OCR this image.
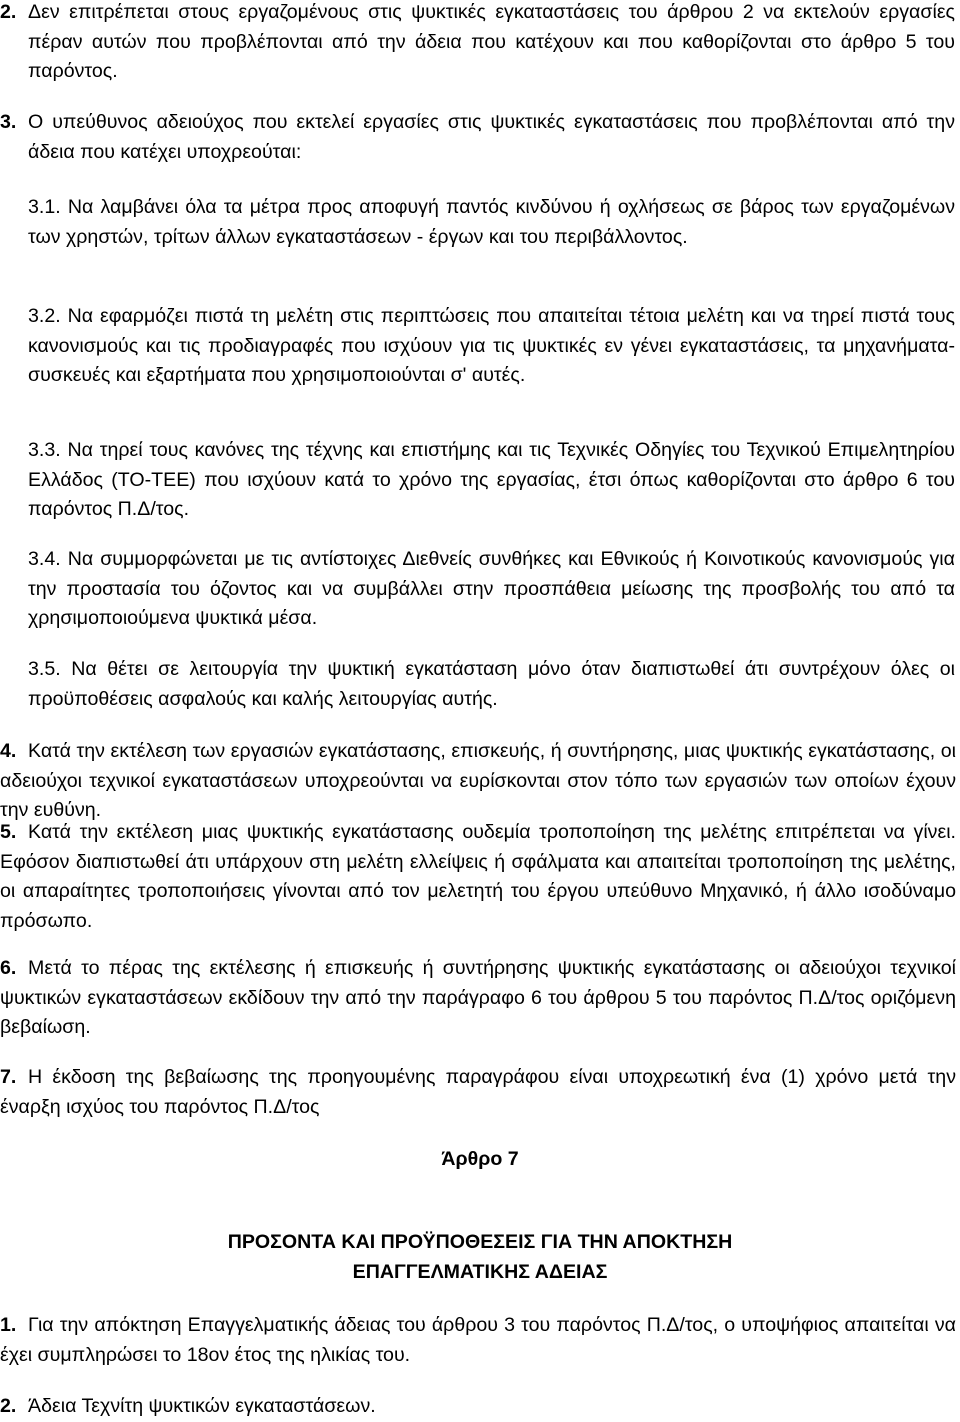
2. Δεν επιτρέπεται στους εργαζομένους στις ψυκτικές εγκαταστάσεις του άρθρου 2 να εκτελούν εργασίες πέραν αυτών που προβλέπονται από την άδεια που κατέχουν και που καθορίζονται στο άρθρο 5 του παρόντος.
3. Ο υπεύθυνος αδειούχος που εκτελεί εργασίες στις ψυκτικές εγκαταστάσεις που προβλέπονται από την άδεια που κατέχει υποχρεούται:
3.1. Να λαμβάνει όλα τα μέτρα προς αποφυγή παντός κινδύνου ή οχλήσεως σε βάρος των εργαζομένων των χρηστών, τρίτων άλλων εγκαταστάσεων - έργων και του περιβάλλοντος.
3.2. Να εφαρμόζει πιστά τη μελέτη στις περιπτώσεις που απαιτείται τέτοια μελέτη και να τηρεί πιστά τους κανονισμούς και τις προδιαγραφές που ισχύουν για τις ψυκτικές εν γένει εγκαταστάσεις, τα μηχανήματα-συσκευές και εξαρτήματα που χρησιμοποιούνται σ' αυτές.
3.3. Να τηρεί τους κανόνες της τέχνης και επιστήμης και τις Τεχνικές Οδηγίες του Τεχνικού Επιμελητηρίου Ελλάδος (ΤΟ-ΤΕΕ) που ισχύουν κατά το χρόνο της εργασίας, έτσι όπως καθορίζονται στο άρθρο 6 του παρόντος Π.Δ/τος.
3.4. Να συμμορφώνεται με τις αντίστοιχες Διεθνείς συνθήκες και Εθνικούς ή Κοινοτικούς κανονισμούς για την προστασία του όζοντος και να συμβάλλει στην προσπάθεια μείωσης της προσβολής του από τα χρησιμοποιούμενα ψυκτικά μέσα.
3.5. Να θέτει σε λειτουργία την ψυκτική εγκατάσταση μόνο όταν διαπιστωθεί άτι συντρέχουν όλες οι προϋποθέσεις ασφαλούς και καλής λειτουργίας αυτής.
4. Κατά την εκτέλεση των εργασιών εγκατάστασης, επισκευής, ή συντήρησης, μιας ψυκτικής εγκατάστασης, οι αδειούχοι τεχνικοί εγκαταστάσεων υποχρεούνται να ευρίσκονται στον τόπο των εργασιών των οποίων έχουν την ευθύνη.
5. Κατά την εκτέλεση μιας ψυκτικής εγκατάστασης ουδεμία τροποποίηση της μελέτης επιτρέπεται να γίνει. Εφόσον διαπιστωθεί άτι υπάρχουν στη μελέτη ελλείψεις ή σφάλματα και απαιτείται τροποποίηση της μελέτης, οι απαραίτητες τροποποιήσεις γίνονται από τον μελετητή του έργου υπεύθυνο Μηχανικό, ή άλλο ισοδύναμο πρόσωπο.
6. Μετά το πέρας της εκτέλεσης ή επισκευής ή συντήρησης ψυκτικής εγκατάστασης οι αδειούχοι τεχνικοί ψυκτικών εγκαταστάσεων εκδίδουν την από την παράγραφο 6 του άρθρου 5 του παρόντος Π.Δ/τος οριζόμενη βεβαίωση.
7. Η έκδοση της βεβαίωσης της προηγουμένης παραγράφου είναι υποχρεωτική ένα (1) χρόνο μετά την έναρξη ισχύος του παρόντος Π.Δ/τος
Άρθρο 7
ΠΡΟΣΟΝΤΑ ΚΑΙ ΠΡΟΫΠΟΘΕΣΕΙΣ ΓΙΑ ΤΗΝ ΑΠΟΚΤΗΣΗ
ΕΠΑΓΓΕΛΜΑΤΙΚΗΣ ΑΔΕΙΑΣ
1. Για την απόκτηση Επαγγελματικής άδειας του άρθρου 3 του παρόντος Π.Δ/τος, ο υποψήφιος απαιτείται να έχει συμπληρώσει το 18ον έτος της ηλικίας του.
2. Άδεια Τεχνίτη ψυκτικών εγκαταστάσεων.
